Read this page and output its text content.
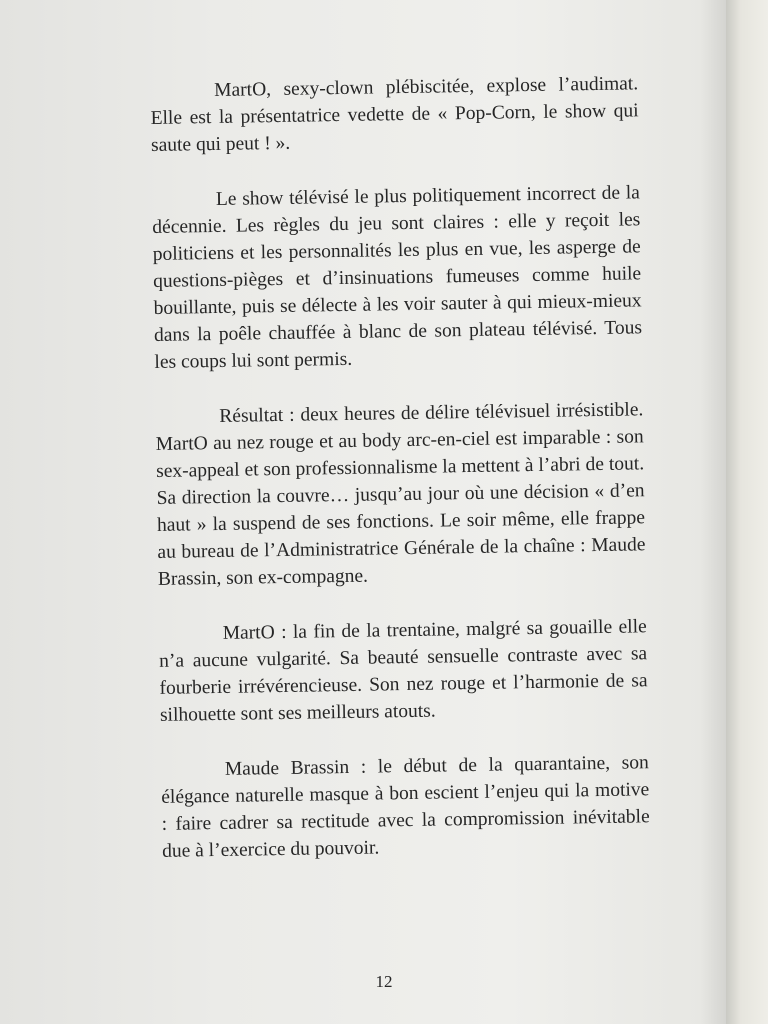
MartO, sexy-clown plébiscitée, explose l’audimat. Elle est la présentatrice vedette de « Pop-Corn, le show qui saute qui peut ! ».

Le show télévisé le plus politiquement incorrect de la décennie. Les règles du jeu sont claires : elle y reçoit les politiciens et les personnalités les plus en vue, les asperge de questions-pièges et d’insinuations fumeuses comme huile bouillante, puis se délecte à les voir sauter à qui mieux-mieux dans la poêle chauffée à blanc de son plateau télévisé. Tous les coups lui sont permis.

Résultat : deux heures de délire télévisuel irrésistible. MartO au nez rouge et au body arc-en-ciel est imparable : son sex-appeal et son professionnalisme la mettent à l’abri de tout. Sa direction la couvre… jusqu’au jour où une décision « d’en haut » la suspend de ses fonctions. Le soir même, elle frappe au bureau de l’Administratrice Générale de la chaîne : Maude Brassin, son ex-compagne.

MartO : la fin de la trentaine, malgré sa gouaille elle n’a aucune vulgarité. Sa beauté sensuelle contraste avec sa fourberie irrévérencieuse. Son nez rouge et l’harmonie de sa silhouette sont ses meilleurs atouts.

Maude Brassin : le début de la quarantaine, son élégance naturelle masque à bon escient l’enjeu qui la motive : faire cadrer sa rectitude avec la compromission inévitable due à l’exercice du pouvoir.

12
